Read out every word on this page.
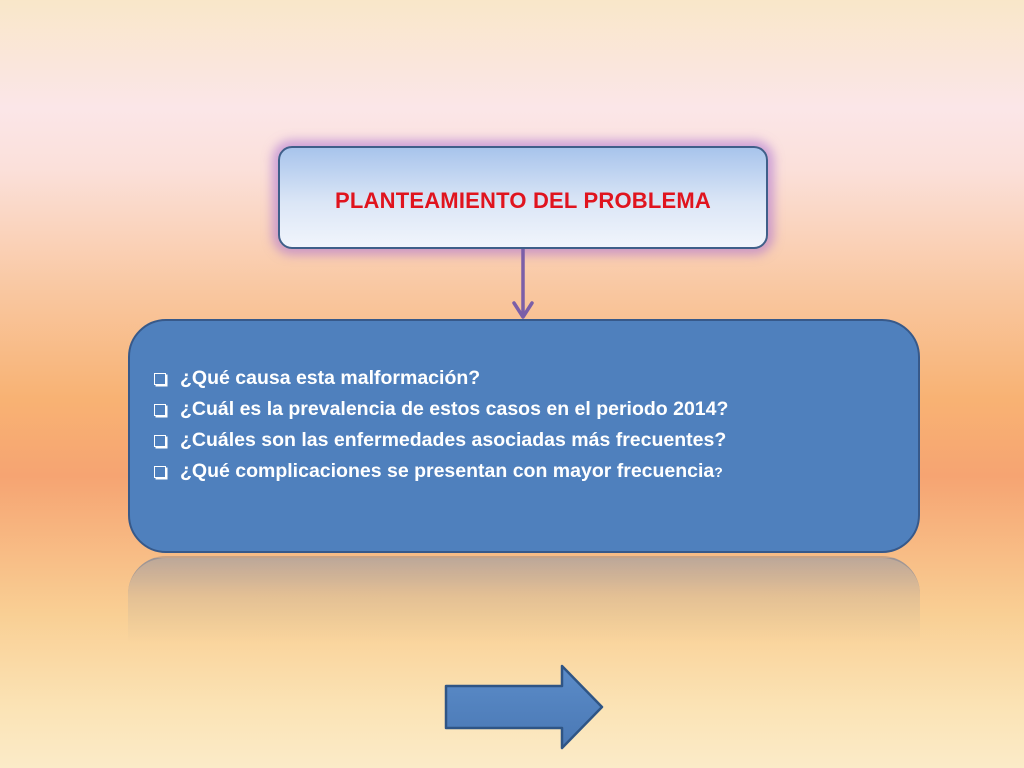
PLANTEAMIENTO DEL PROBLEMA
¿Qué causa esta malformación?
¿Cuál es la prevalencia de estos casos en el periodo 2014?
¿Cuáles son las enfermedades asociadas más frecuentes?
¿Qué complicaciones se presentan con mayor frecuencia ?
